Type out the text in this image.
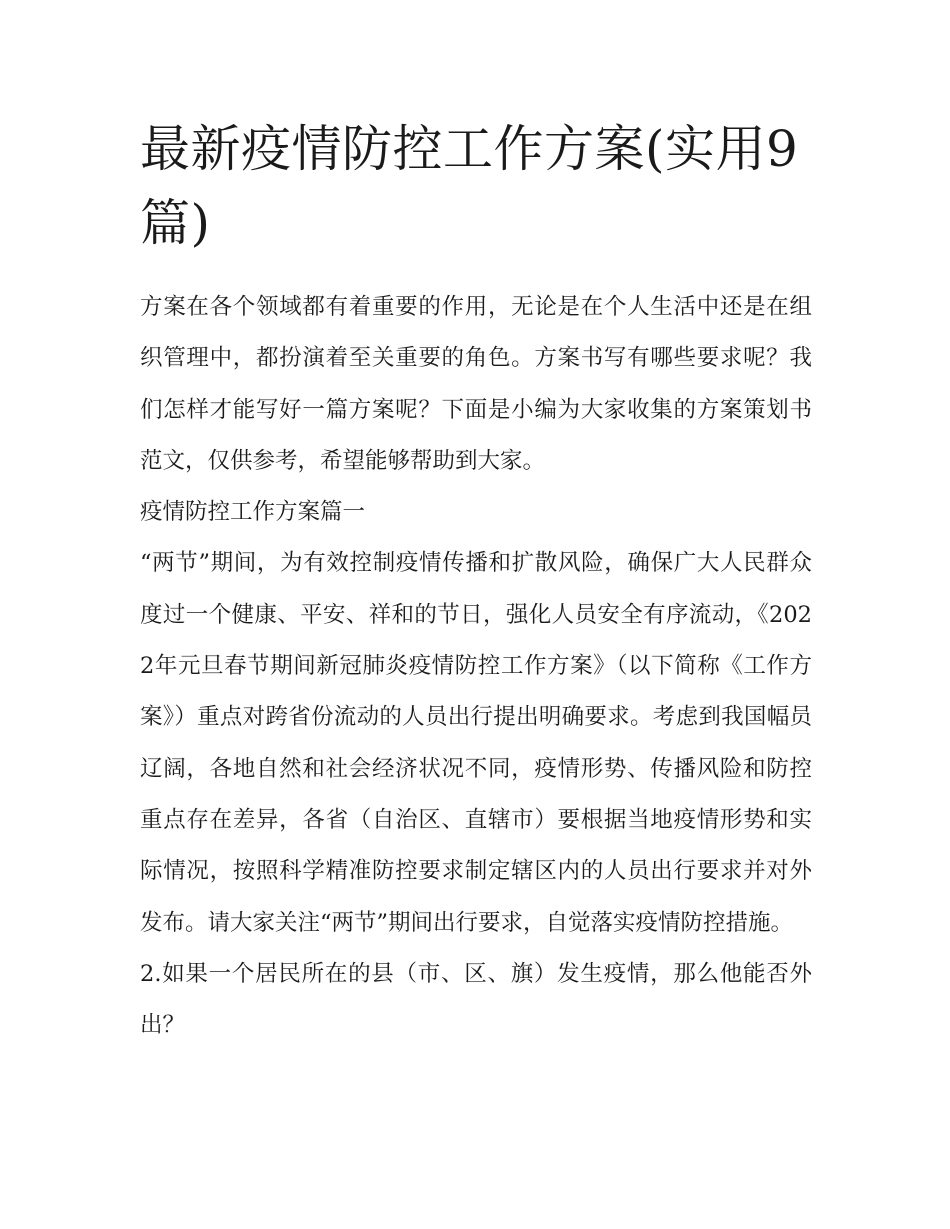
最新疫情防控工作方案(实用9篇)

方案在各个领域都有着重要的作用，无论是在个人生活中还是在组织管理中，都扮演着至关重要的角色。方案书写有哪些要求呢？我们怎样才能写好一篇方案呢？下面是小编为大家收集的方案策划书范文，仅供参考，希望能够帮助到大家。

疫情防控工作方案篇一

“两节”期间，为有效控制疫情传播和扩散风险，确保广大人民群众度过一个健康、平安、祥和的节日，强化人员安全有序流动，《2022年元旦春节期间新冠肺炎疫情防控工作方案》（以下简称《工作方案》）重点对跨省份流动的人员出行提出明确要求。考虑到我国幅员辽阔，各地自然和社会经济状况不同，疫情形势、传播风险和防控重点存在差异，各省（自治区、直辖市）要根据当地疫情形势和实际情况，按照科学精准防控要求制定辖区内的人员出行要求并对外发布。请大家关注“两节”期间出行要求，自觉落实疫情防控措施。

2.如果一个居民所在的县（市、区、旗）发生疫情，那么他能否外出？
